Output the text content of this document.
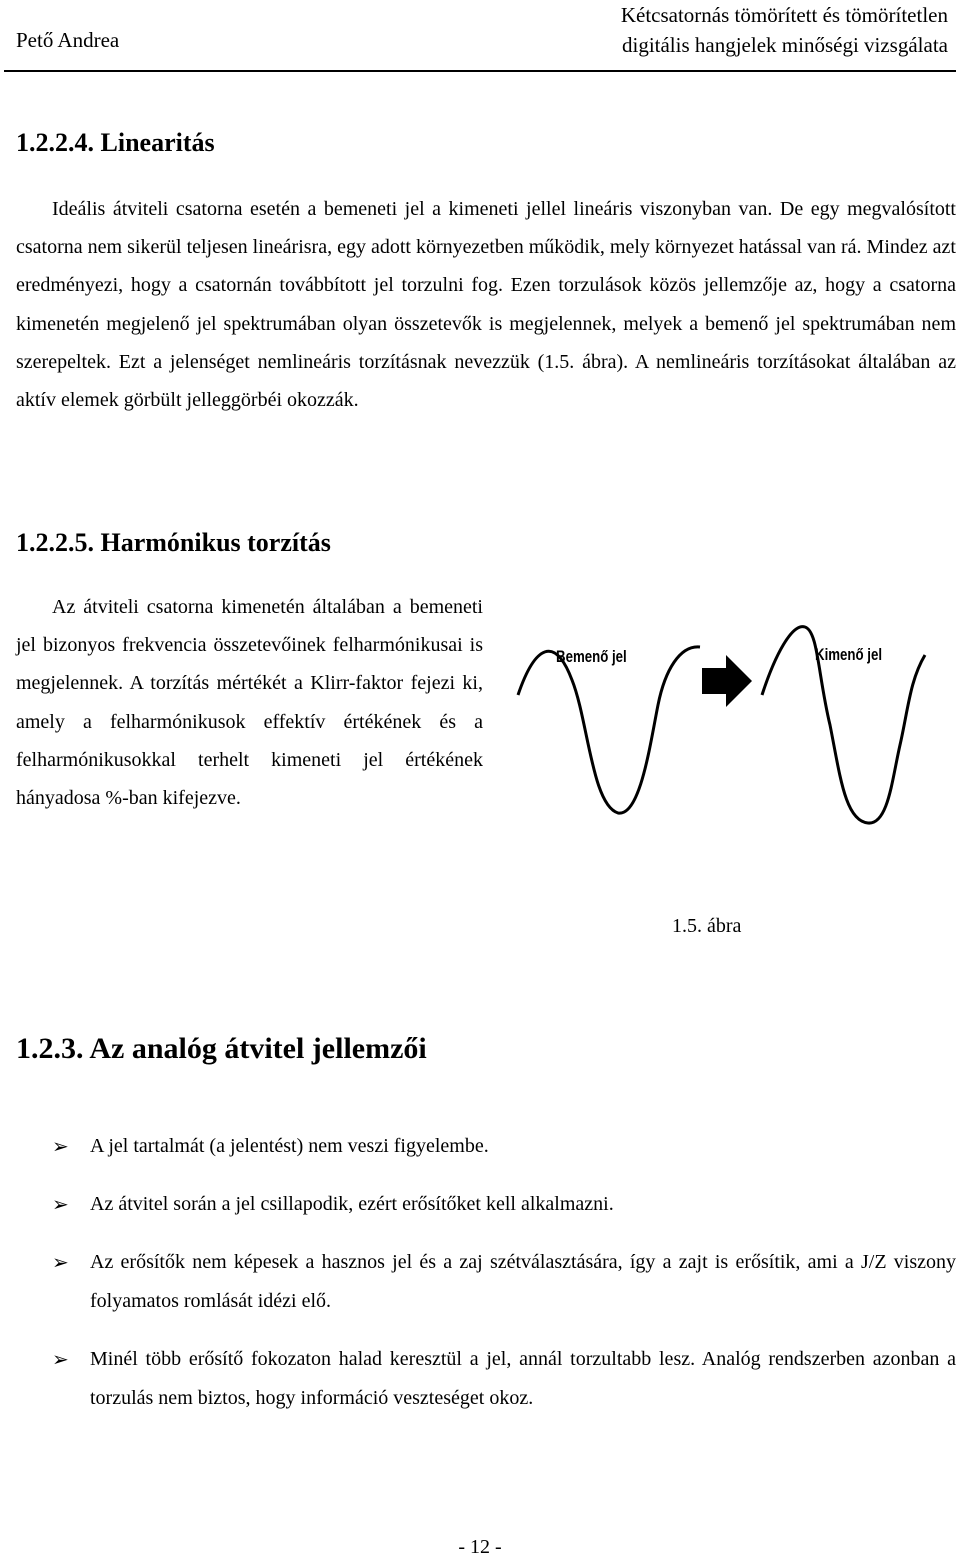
Pető Andrea
Kétcsatornás tömörített és tömörítetlen
digitális hangjelek minőségi vizsgálata
1.2.2.4. Linearitás

Ideális átviteli csatorna esetén a bemeneti jel a kimeneti jellel lineáris viszonyban van. De egy megvalósított csatorna nem sikerül teljesen lineárisra, egy adott környezetben működik, mely környezet hatással van rá. Mindez azt eredményezi, hogy a csatornán továbbított jel torzulni fog. Ezen torzulások közös jellemzője az, hogy a csatorna kimenetén megjelenő jel spektrumában olyan összetevők is megjelennek, melyek a bemenő jel spektrumában nem szerepeltek. Ezt a jelenséget nemlineáris torzításnak nevezzük (1.5. ábra). A nemlineáris torzításokat általában az aktív elemek görbült jelleggörbéi okozzák.

1.2.2.5. Harmónikus torzítás

Az átviteli csatorna kimenetén általában a bemeneti jel bizonyos frekvencia összetevőinek felharmónikusai is megjelennek. A torzítás mértékét a Klirr-faktor fejezi ki, amely a felharmónikusok effektív értékének és a felharmónikusokkal terhelt kimeneti jel értékének hányadosa %-ban kifejezve.

Bemenő jel	Kimenő jel
1.5. ábra
1.2.3. Az analóg átvitel jellemzői
➢ A jel tartalmát (a jelentést) nem veszi figyelembe.
➢ Az átvitel során a jel csillapodik, ezért erősítőket kell alkalmazni.
➢ Az erősítők nem képesek a hasznos jel és a zaj szétválasztására, így a zajt is erősítik, ami a J/Z viszony folyamatos romlását idézi elő.
➢ Minél több erősítő fokozaton halad keresztül a jel, annál torzultabb lesz. Analóg rendszerben azonban a torzulás nem biztos, hogy információ veszteséget okoz.
- 12 -
